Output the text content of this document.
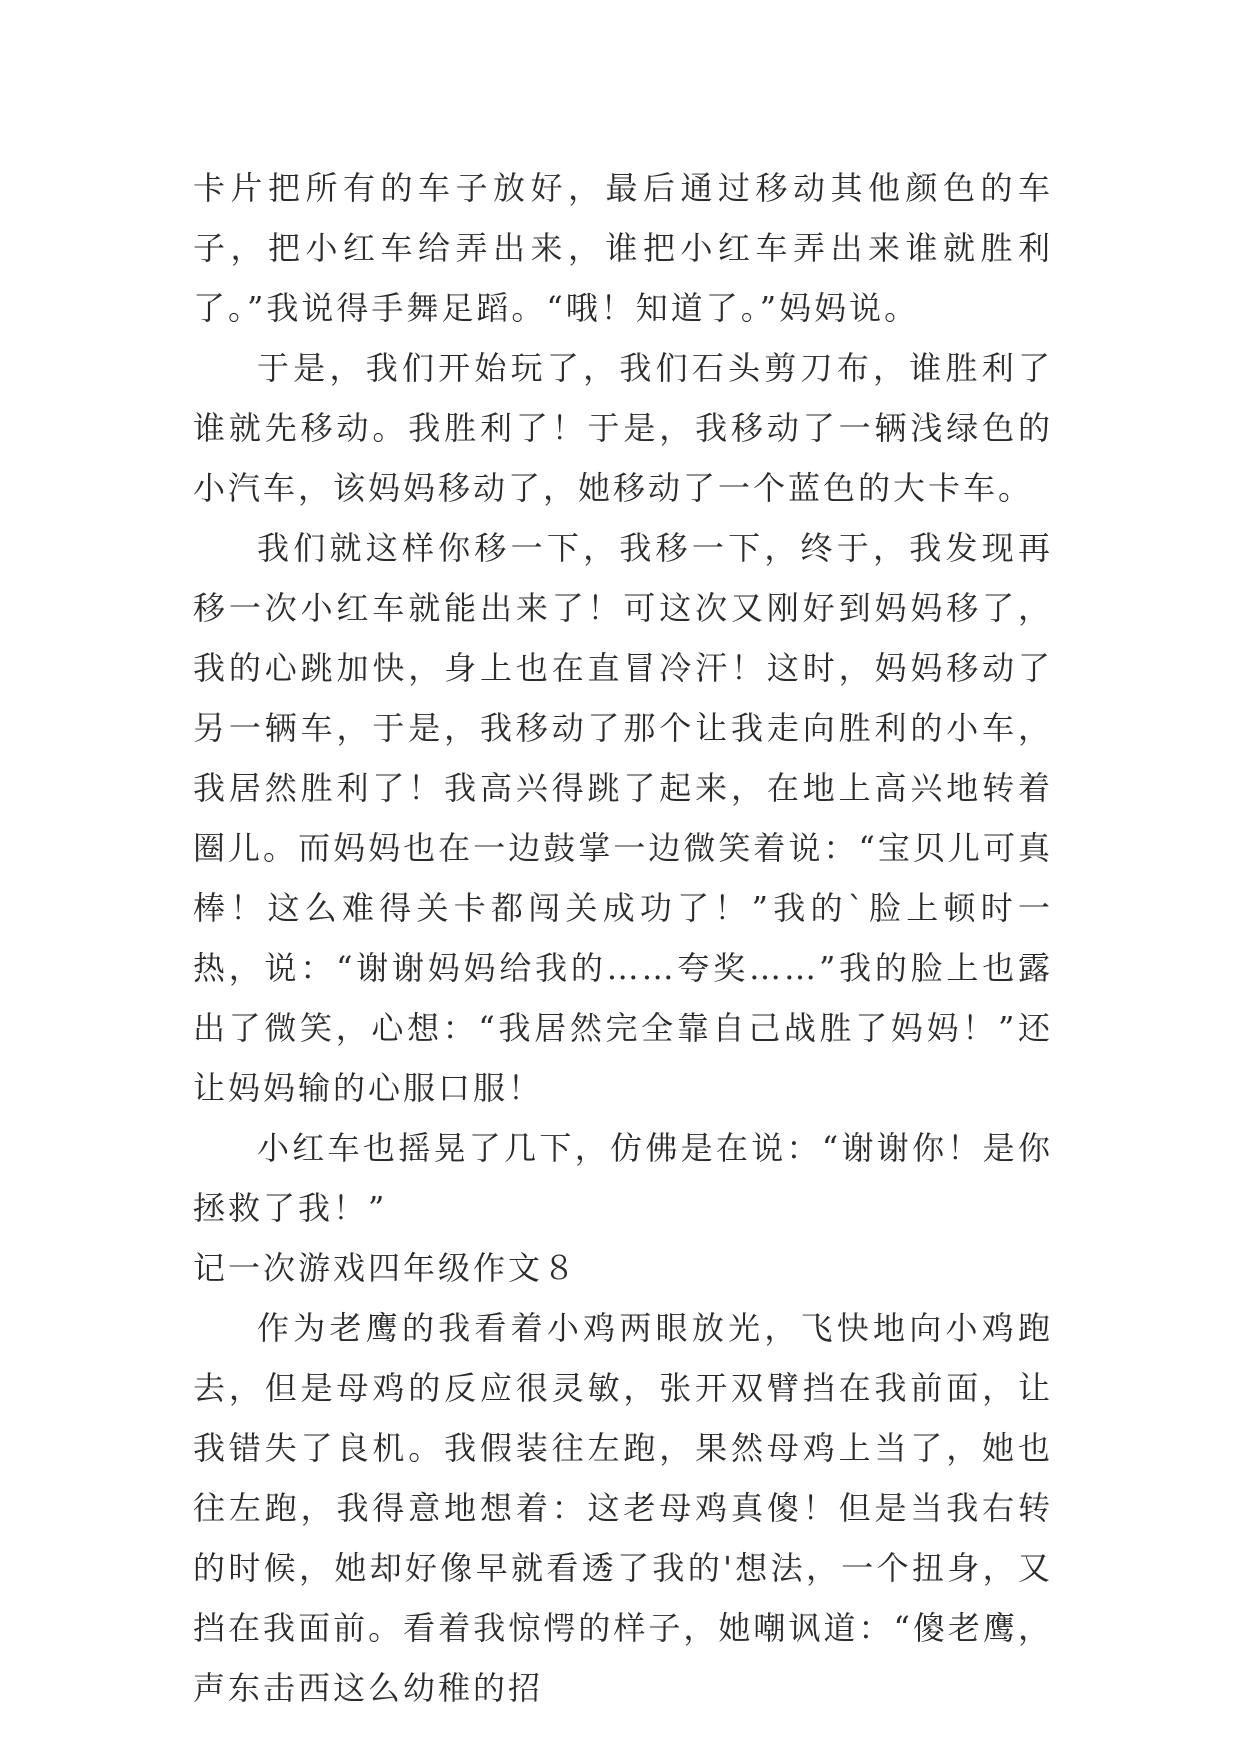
卡片把所有的车子放好，最后通过移动其他颜色的车子，把小红车给弄出来，谁把小红车弄出来谁就胜利了。”我说得手舞足蹈。“哦！知道了。”妈妈说。

于是，我们开始玩了，我们石头剪刀布，谁胜利了谁就先移动。我胜利了！于是，我移动了一辆浅绿色的小汽车，该妈妈移动了，她移动了一个蓝色的大卡车。

我们就这样你移一下，我移一下，终于，我发现再移一次小红车就能出来了！可这次又刚好到妈妈移了，我的心跳加快，身上也在直冒冷汗！这时，妈妈移动了另一辆车，于是，我移动了那个让我走向胜利的小车，我居然胜利了！我高兴得跳了起来，在地上高兴地转着圈儿。而妈妈也在一边鼓掌一边微笑着说：“宝贝儿可真棒！这么难得关卡都闯关成功了！”我的`脸上顿时一热，说：“谢谢妈妈给我的……夸奖……”我的脸上也露出了微笑，心想：“我居然完全靠自己战胜了妈妈！”还让妈妈输的心服口服！

小红车也摇晃了几下，仿佛是在说：“谢谢你！是你拯救了我！”

记一次游戏四年级作文８

作为老鹰的我看着小鸡两眼放光，飞快地向小鸡跑去，但是母鸡的反应很灵敏，张开双臂挡在我前面，让我错失了良机。我假装往左跑，果然母鸡上当了，她也往左跑，我得意地想着：这老母鸡真傻！但是当我右转的时候，她却好像早就看透了我的'想法，一个扭身，又挡在我面前。看着我惊愕的样子，她嘲讽道：“傻老鹰，声东击西这么幼稚的招
